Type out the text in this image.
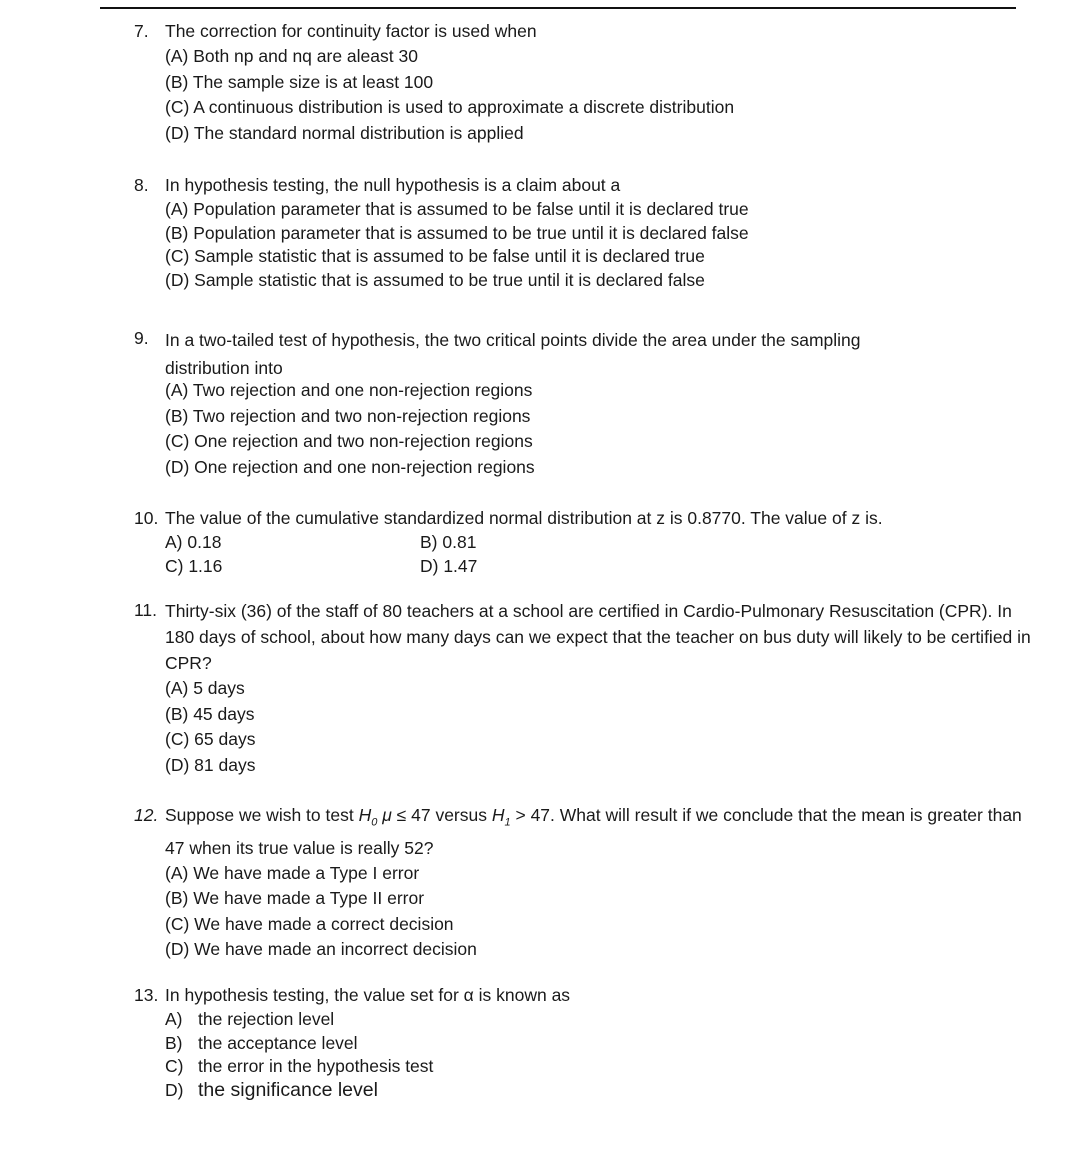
7. The correction for continuity factor is used when
(A) Both np and nq are aleast 30
(B) The sample size is at least 100
(C) A continuous distribution is used to approximate a discrete distribution
(D) The standard normal distribution is applied
8. In hypothesis testing, the null hypothesis is a claim about a
(A) Population parameter that is assumed to be false until it is declared true
(B) Population parameter that is assumed to be true until it is declared false
(C) Sample statistic that is assumed to be false until it is declared true
(D) Sample statistic that is assumed to be true until it is declared false
9. In a two-tailed test of hypothesis, the two critical points divide the area under the sampling
distribution into
(A) Two rejection and one non-rejection regions
(B) Two rejection and two non-rejection regions
(C) One rejection and two non-rejection regions
(D) One rejection and one non-rejection regions
10. The value of the cumulative standardized normal distribution at z is 0.8770. The value of z is.
A) 0.18	B) 0.81
C) 1.16	D) 1.47
11. Thirty-six (36) of the staff of 80 teachers at a school are certified in Cardio-Pulmonary Resuscitation (CPR). In 180 days of school, about how many days can we expect that the teacher on bus duty will likely to be certified in CPR?
(A) 5 days
(B) 45 days
(C) 65 days
(D) 81 days
12. Suppose we wish to test $H_0$ μ ≤ 47 versus $H_1 > 47$. What will result if we conclude that the mean is greater than 47 when its true value is really 52?
(A) We have made a Type I error
(B) We have made a Type II error
(C) We have made a correct decision
(D) We have made an incorrect decision
13. In hypothesis testing, the value set for α is known as
A) the rejection level
B) the acceptance level
C) the error in the hypothesis test
D) the significance level
